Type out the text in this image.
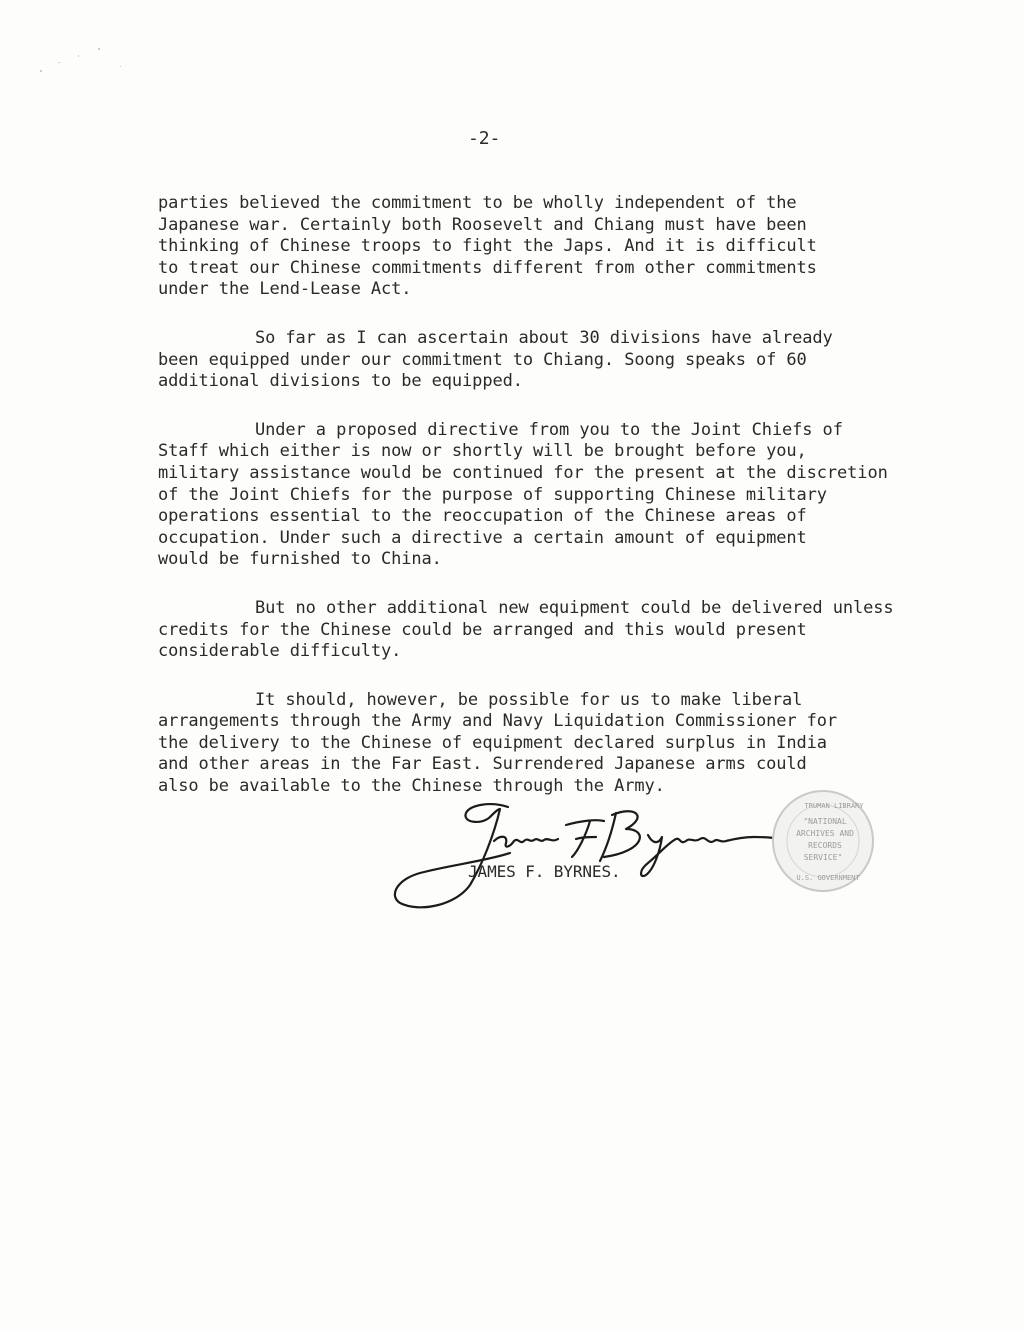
-2-
parties believed the commitment to be wholly independent of the
Japanese war. Certainly both Roosevelt and Chiang must have been
thinking of Chinese troops to fight the Japs. And it is difficult
to treat our Chinese commitments different from other commitments
under the Lend-Lease Act.
So far as I can ascertain about 30 divisions have already
been equipped under our commitment to Chiang. Soong speaks of 60
additional divisions to be equipped.
Under a proposed directive from you to the Joint Chiefs of
Staff which either is now or shortly will be brought before you,
military assistance would be continued for the present at the discretion
of the Joint Chiefs for the purpose of supporting Chinese military
operations essential to the reoccupation of the Chinese areas of
occupation. Under such a directive a certain amount of equipment
would be furnished to China.
But no other additional new equipment could be delivered unless
credits for the Chinese could be arranged and this would present
considerable difficulty.
It should, however, be possible for us to make liberal
arrangements through the Army and Navy Liquidation Commissioner for
the delivery to the Chinese of equipment declared surplus in India
and other areas in the Far East. Surrendered Japanese arms could
also be available to the Chinese through the Army.
JAMES F. BYRNES.
"NATIONAL
ARCHIVES AND
RECORDS
SERVICE"
TRUMAN LIBRARY
U.S. GOVERNMENT
